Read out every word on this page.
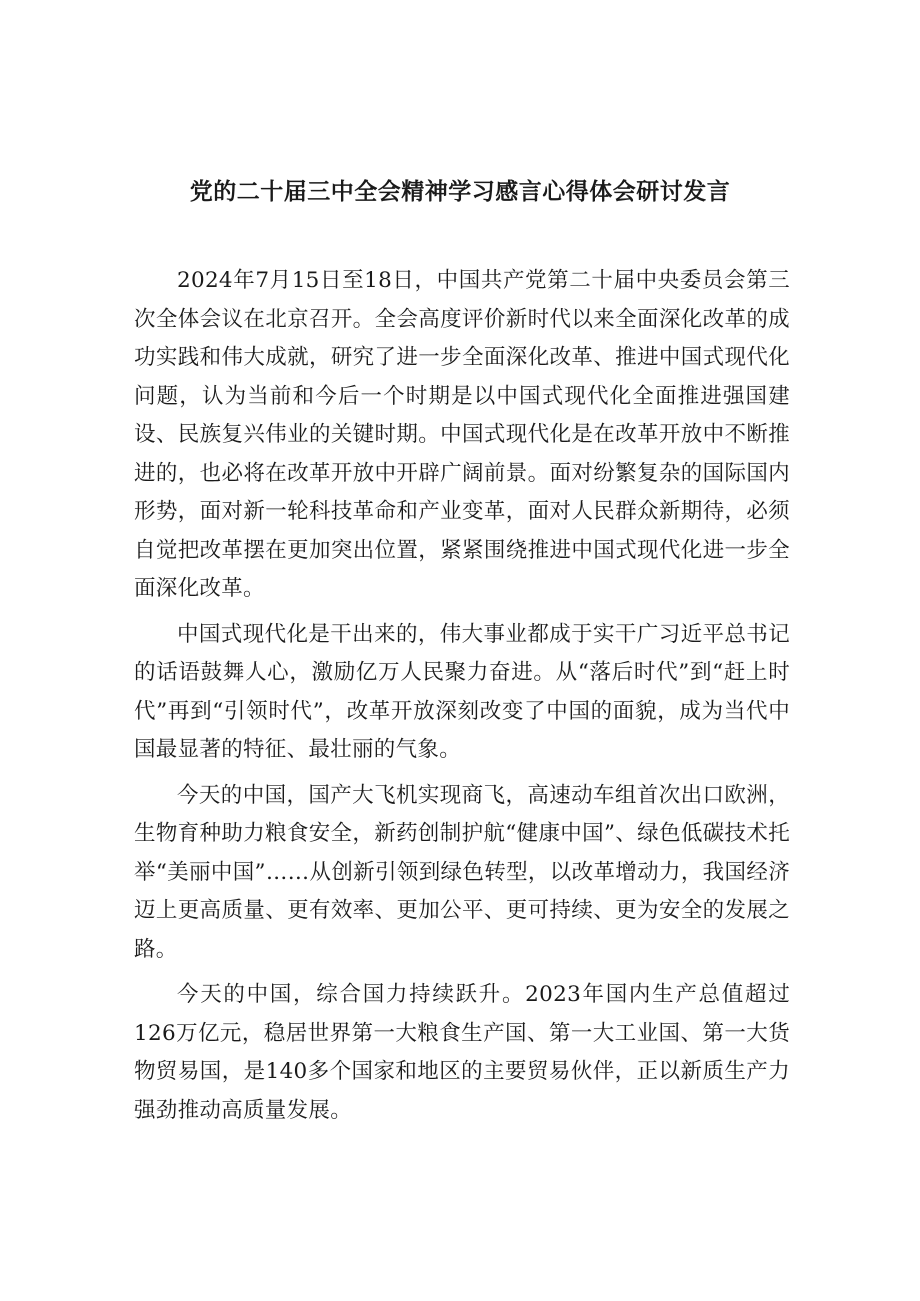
党的二十届三中全会精神学习感言心得体会研讨发言

2024年7月15日至18日，中国共产党第二十届中央委员会第三次全体会议在北京召开。全会高度评价新时代以来全面深化改革的成功实践和伟大成就，研究了进一步全面深化改革、推进中国式现代化问题，认为当前和今后一个时期是以中国式现代化全面推进强国建设、民族复兴伟业的关键时期。中国式现代化是在改革开放中不断推进的，也必将在改革开放中开辟广阔前景。面对纷繁复杂的国际国内形势，面对新一轮科技革命和产业变革，面对人民群众新期待，必须自觉把改革摆在更加突出位置，紧紧围绕推进中国式现代化进一步全面深化改革。

中国式现代化是干出来的，伟大事业都成于实干广习近平总书记的话语鼓舞人心，激励亿万人民聚力奋进。从“落后时代”到“赶上时代”再到“引领时代”，改革开放深刻改变了中国的面貌，成为当代中国最显著的特征、最壮丽的气象。

今天的中国，国产大飞机实现商飞，高速动车组首次出口欧洲，生物育种助力粮食安全，新药创制护航“健康中国”、绿色低碳技术托举“美丽中国”……从创新引领到绿色转型，以改革增动力，我国经济迈上更高质量、更有效率、更加公平、更可持续、更为安全的发展之路。

今天的中国，综合国力持续跃升。2023年国内生产总值超过126万亿元，稳居世界第一大粮食生产国、第一大工业国、第一大货物贸易国，是140多个国家和地区的主要贸易伙伴，正以新质生产力强劲推动高质量发展。
